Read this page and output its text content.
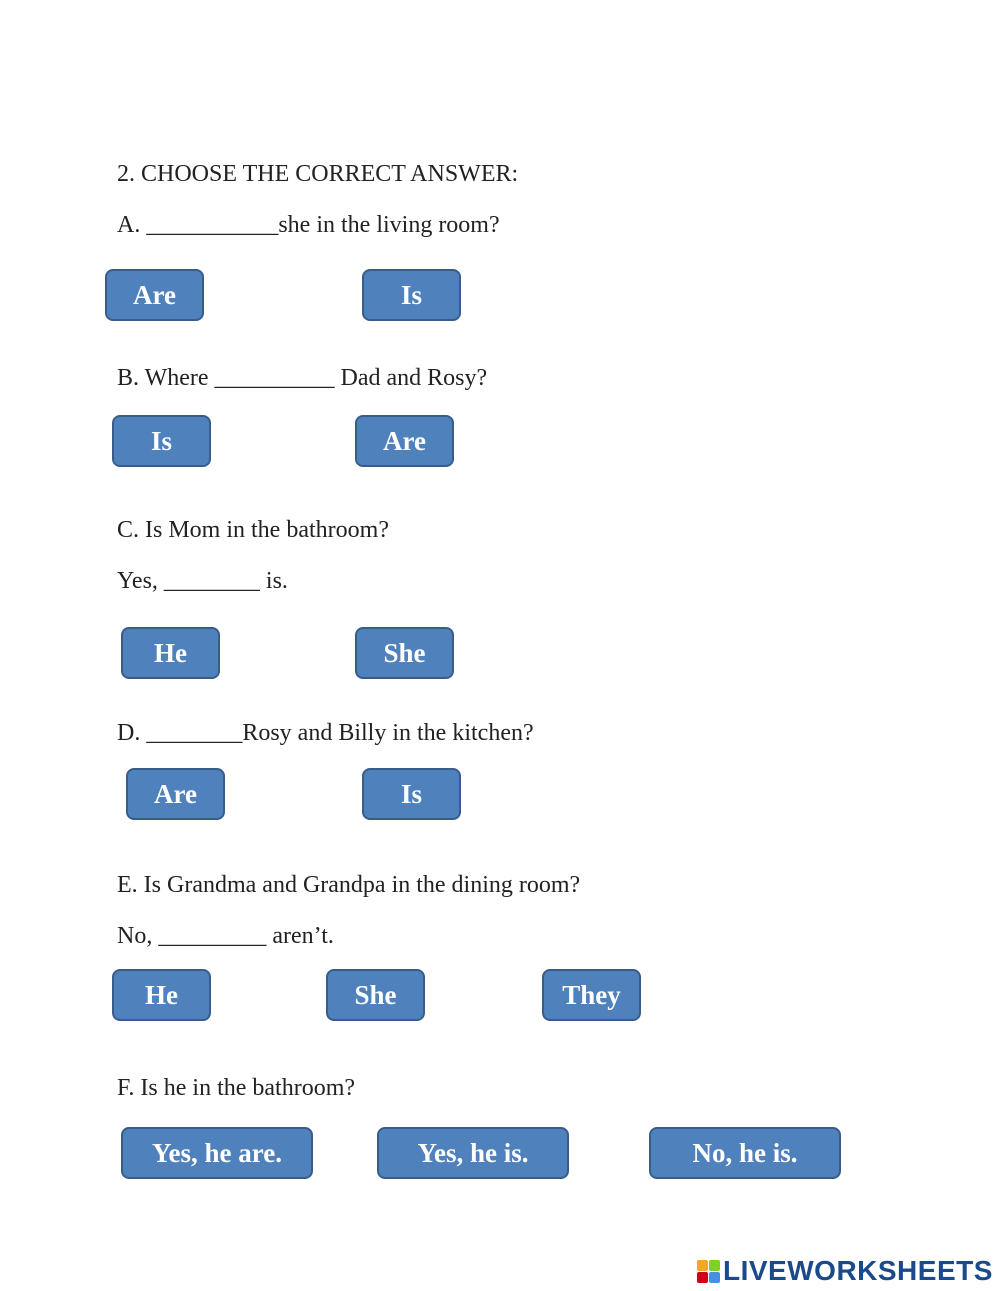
2. CHOOSE THE CORRECT ANSWER:

A. ___________she in the living room?

Are	Is

B. Where __________ Dad and Rosy?

Is	Are

C. Is Mom in the bathroom?

Yes, ________ is.

He	She

D. ________Rosy and Billy in the kitchen?

Are	Is

E. Is Grandma and Grandpa in the dining room?

No, _________ aren’t.

He	She	They

F. Is he in the bathroom?

Yes, he are.	Yes, he is.	No, he is.
LIVEWORKSHEETS
